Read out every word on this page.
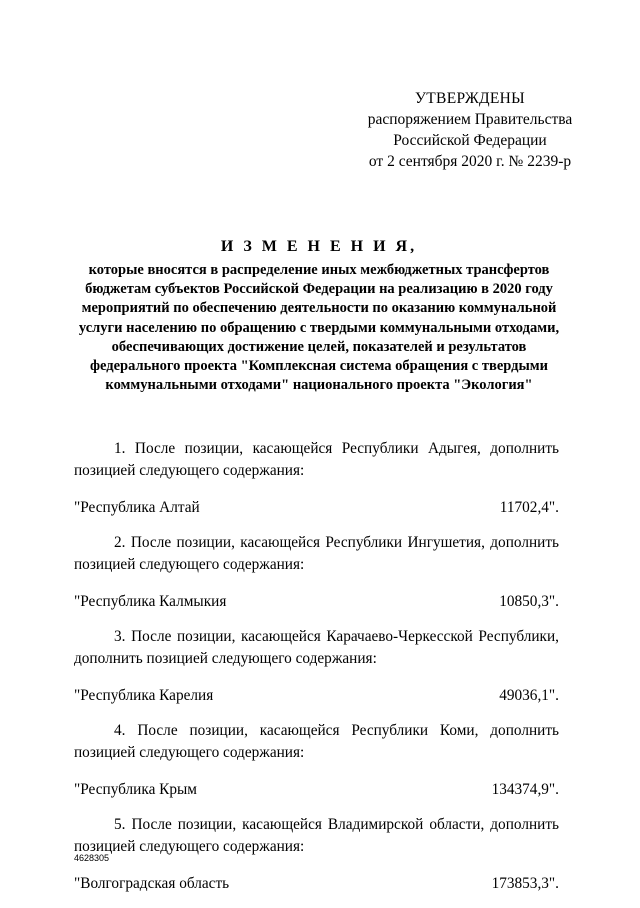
УТВЕРЖДЕНЫ
распоряжением Правительства
Российской Федерации
от 2 сентября 2020 г. № 2239-р
И З М Е Н Е Н И Я,
которые вносятся в распределение иных межбюджетных трансфертов бюджетам субъектов Российской Федерации на реализацию в 2020 году мероприятий по обеспечению деятельности по оказанию коммунальной услуги населению по обращению с твердыми коммунальными отходами, обеспечивающих достижение целей, показателей и результатов федерального проекта "Комплексная система обращения с твердыми коммунальными отходами" национального проекта "Экология"

1. После позиции, касающейся Республики Адыгея, дополнить позицией следующего содержания:

"Республика Алтай	11702,4".

2. После позиции, касающейся Республики Ингушетия, дополнить позицией следующего содержания:

"Республика Калмыкия	10850,3".

3. После позиции, касающейся Карачаево-Черкесской Республики, дополнить позицией следующего содержания:

"Республика Карелия	49036,1".

4. После позиции, касающейся Республики Коми, дополнить позицией следующего содержания:

"Республика Крым	134374,9".

5. После позиции, касающейся Владимирской области, дополнить позицией следующего содержания:

"Волгоградская область	173853,3".
4628305
